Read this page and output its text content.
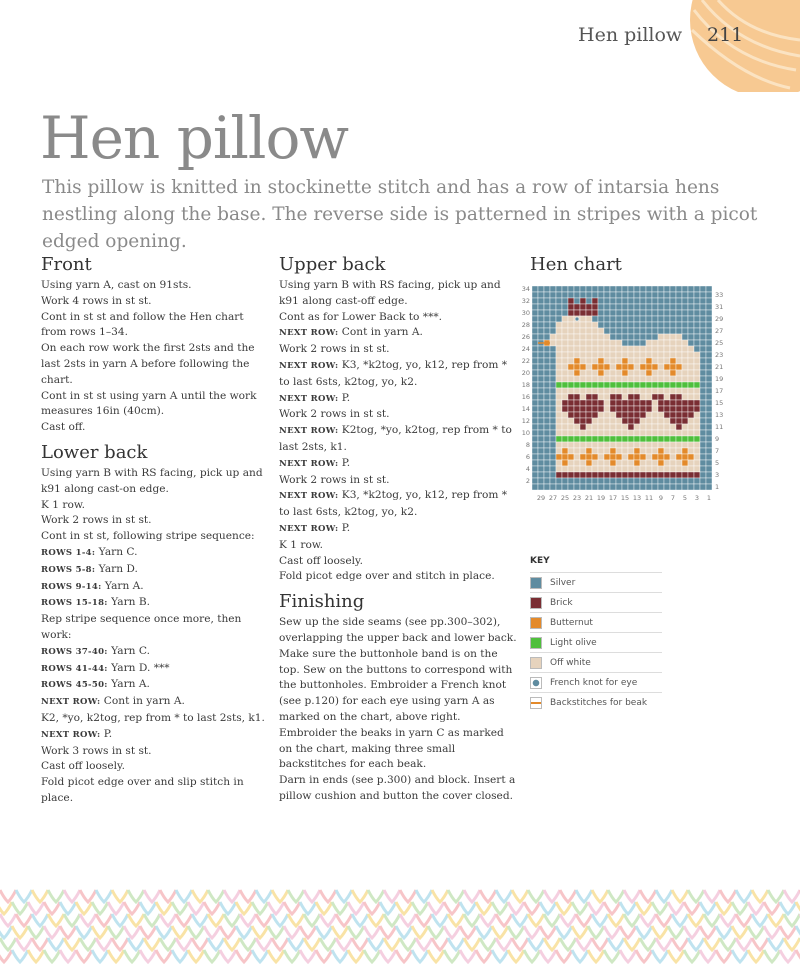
Hen pillow 211
Hen pillow

This pillow is knitted in stockinette stitch and has a row of intarsia hens nestling along the base. The reverse side is patterned in stripes with a picot edged opening.

Front

Using yarn A, cast on 91sts.

Work 4 rows in st st.

Cont in st st and follow the Hen chart from rows 1–34.

On each row work the first 2sts and the last 2sts in yarn A before following the chart.

Cont in st st using yarn A until the work measures 16in (40cm).

Cast off.

Lower back

Using yarn B with RS facing, pick up and k91 along cast-on edge.

K 1 row.

Work 2 rows in st st.

Cont in st st, following stripe sequence:

ROWS 1-4: Yarn C.

ROWS 5-8: Yarn D.

ROWS 9-14: Yarn A.

ROWS 15-18: Yarn B.

Rep stripe sequence once more, then work:

ROWS 37-40: Yarn C.

ROWS 41-44: Yarn D. ***

ROWS 45-50: Yarn A.

NEXT ROW: Cont in yarn A.

K2, *yo, k2tog, rep from * to last 2sts, k1.

NEXT ROW: P.

Work 3 rows in st st.

Cast off loosely.

Fold picot edge over and slip stitch in place.

Upper back

Using yarn B with RS facing, pick up and k91 along cast-off edge.

Cont as for Lower Back to ***.

NEXT ROW: Cont in yarn A.

Work 2 rows in st st.

NEXT ROW: K3, *k2tog, yo, k12, rep from * to last 6sts, k2tog, yo, k2.

NEXT ROW: P.

Work 2 rows in st st.

NEXT ROW: K2tog, *yo, k2tog, rep from * to last 2sts, k1.

NEXT ROW: P.

Work 2 rows in st st.

NEXT ROW: K3, *k2tog, yo, k12, rep from * to last 6sts, k2tog, yo, k2.

NEXT ROW: P.

K 1 row.

Cast off loosely.

Fold picot edge over and stitch in place.

Finishing

Sew up the side seams (see pp.300–302), overlapping the upper back and lower back. Make sure the buttonhole band is on the top. Sew on the buttons to correspond with the buttonholes. Embroider a French knot (see p.120) for each eye using yarn A as marked on the chart, above right. Embroider the beaks in yarn C as marked on the chart, making three small backstitches for each beak.

Darn in ends (see p.300) and block. Insert a pillow cushion and button the cover closed.

Hen chart
34
32
30
28
26
24
22
20
18
16
14
12
10
8
6
4
2
33
31
29
27
25
23
21
19
17
15
13
11
9
7
5
3
1
29 27 25 23 21 19 17 15 13 11 9 7 5 3 1
KEY
Silver
Brick
Butternut
Light olive
Off white
French knot for eye
Backstitches for beak
